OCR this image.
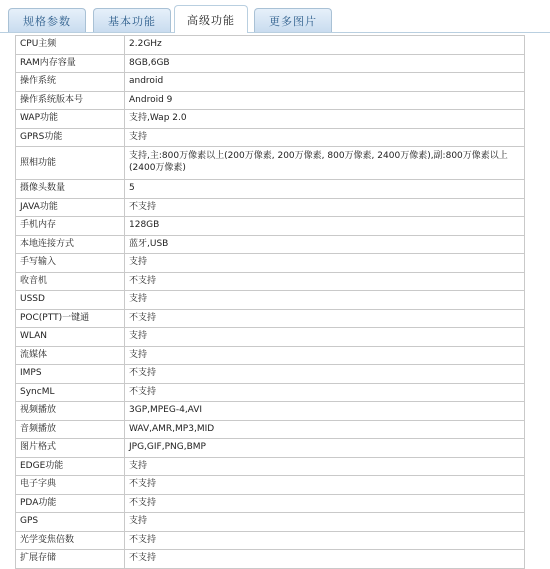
规格参数	基本功能	高级功能	更多图片
CPU主频	2.2GHz
RAM内存容量	8GB,6GB
操作系统	android
操作系统版本号	Android 9
WAP功能	支持,Wap 2.0
GPRS功能	支持
照相功能	支持,主:800万像素以上(200万像素, 200万像素, 800万像素, 2400万像素),副:800万像素以上(2400万像素)
摄像头数量	5
JAVA功能	不支持
手机内存	128GB
本地连接方式	蓝牙,USB
手写输入	支持
收音机	不支持
USSD	支持
POC(PTT)一键通	不支持
WLAN	支持
流媒体	支持
IMPS	不支持
SyncML	不支持
视频播放	3GP,MPEG-4,AVI
音频播放	WAV,AMR,MP3,MID
图片格式	JPG,GIF,PNG,BMP
EDGE功能	支持
电子字典	不支持
PDA功能	不支持
GPS	支持
光学变焦倍数	不支持
扩展存储	不支持
